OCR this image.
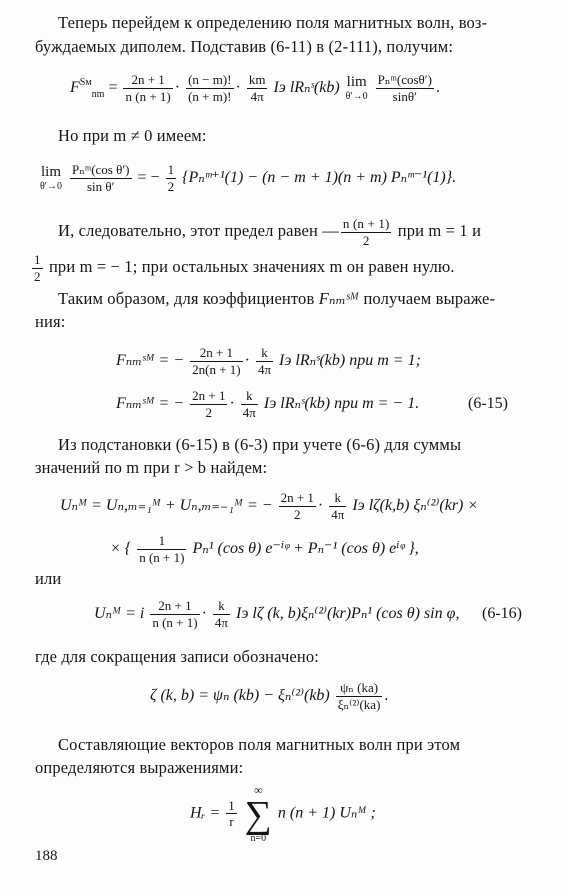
Теперь перейдем к определению поля магнитных волн, воз-
буждаемых диполем. Подставив (6-11) в (2-111), получим:
$F^{Sм}_{nm} = \frac{2n + 1}{n (n + 1)} \cdot \frac{(n - m)!}{(n + m)!} \cdot \frac{km}{4\pi}$ Iэ lRₙˢ(kb) lim
θ′→0
$\frac{\text{Pₙᵐ(cosθ′)}}{\sin\theta'}$ .
Но при m ≠ 0 имеем:
lim
θ′→0
$\frac{\text{Pₙᵐ(cos θ′)}}{\text{sin θ′}}$ = − $\frac{1}{2}$ {Pₙᵐ⁺¹(1) − (n − m + 1)(n + m) Pₙᵐ⁻¹(1)}.
И, следовательно, этот предел равен — $\frac{n (n + 1)}{2}$ при m = 1 и
$\frac{1}{2}$ при m = − 1; при остальных значениях m он равен нулю.
Таким образом, для коэффициентов Fₙₘˢᴹ получаем выраже-
ния:
Fₙₘˢᴹ = − $\frac{2n + 1}{2n(n + 1)} \cdot \frac{k}{4\pi}$ Iэ lRₙˢ(kb) при m = 1;
Fₙₘˢᴹ = − $\frac{2n + 1}{2} \cdot \frac{k}{4\pi}$ Iэ lRₙˢ(kb) при m = − 1.	(6-15)
Из подстановки (6-15) в (6-3) при учете (6-6) для суммы
значений по m при r > b найдем:
Uₙᴹ = Uₙ,ₘ₌₁ᴹ + Uₙ,ₘ₌₋₁ᴹ = − $\frac{2n + 1}{2} \cdot \frac{k}{4\pi}$ Iэ lζ(k,b) ξₙ⁽²⁾(kr) ×
× { $\frac{1}{n (n + 1)} P_n^1$ (cos θ) e⁻ⁱᵠ + Pₙ⁻¹ (cos θ) eⁱᵠ },
или
Uₙᴹ = i $\frac{2n + 1}{n (n + 1)} \cdot \frac{k}{4\pi}$ Iэ lζ (k, b)ξₙ⁽²⁾(kr)Pₙ¹ (cos θ) sin φ, (6-16)
где для сокращения записи обозначено:
ζ (k, b) = ψₙ $(kb) - \xi_n^{(2)}(kb) \frac{\text{ψₙ (ka)}}{\text{ξₙ⁽²⁾(ka)}}$ .
Составляющие векторов поля магнитных волн при этом
определяются выражениями:
Hᵣ = $\frac{1}{r}$

∞
∑
n=0
n (n + 1) Uₙᴹ ;
188
